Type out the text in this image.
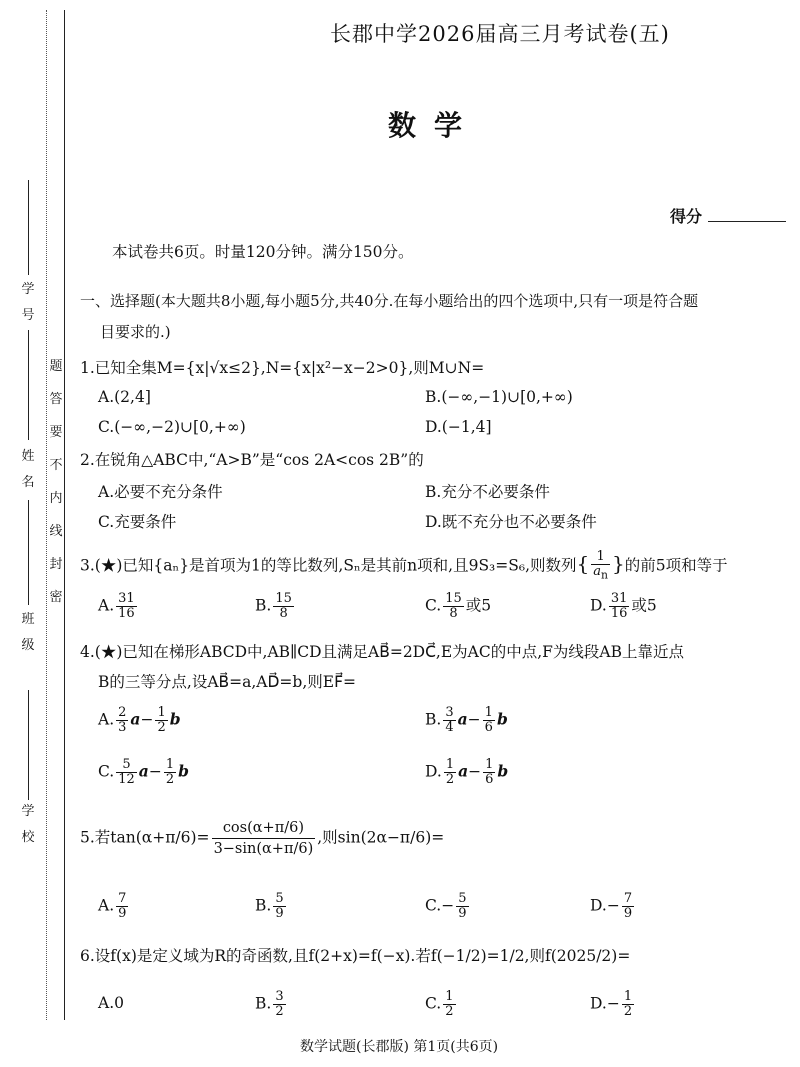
学

号
姓

名
班

级
学

校
题
答
要
不
内
线
封
密
长郡中学2026届高三月考试卷(五)
数学
得分
本试卷共6页。时量120分钟。满分150分。
一、选择题(本大题共8小题,每小题5分,共40分.在每小题给出的四个选项中,只有一项是符合题
目要求的.)
1.已知全集M={x|√x≤2},N={x|x²−x−2>0},则M∪N=
A.(2,4]	B.(−∞,−1)∪[0,+∞)
C.(−∞,−2)∪[0,+∞)	D.(−1,4]
2.在锐角△ABC中,“A>B”是“cos 2A<cos 2B”的
A.必要不充分条件	B.充分不必要条件
C.充要条件	D.既不充分也不必要条件
3.(★)已知{aₙ}是首项为1的等比数列,Sₙ是其前n项和,且9S₃=S₆,则数列{ $\frac{1}{a_n}$ }的前5项和等于
A. $\frac{31}{16}$	B. $\frac{15}{8}$	C. $\frac{15}{8}$ 或5	D. $\frac{31}{16}$ 或5
4.(★)已知在梯形ABCD中,AB∥CD且满足AB⃗=2DC⃗,E为AC的中点,F为线段AB上靠近点
B的三等分点,设AB⃗=a,AD⃗=b,则EF⃗=
A. $\frac{2}{3} a- \frac{1}{2}$ b	B. $\frac{3}{4} a- \frac{1}{6}$ b
C. $\frac{5}{12} a- \frac{1}{2}$ b	D. $\frac{1}{2} a- \frac{1}{6}$ b
5.若$\tan(\alpha+\pi/6)= \frac{\cos(\alpha+\pi/6)}{3-\sin(\alpha+\pi/6)}$ ,则sin(2α−π/6)=
A. $\frac{7}{9}$	B. $\frac{5}{9}$	$C.- \frac{5}{9}$	$D.- \frac{7}{9}$
6.设f(x)是定义域为R的奇函数,且f(2+x)=f(−x).若f(−1/2)=1/2,则f(2025/2)=
A.0	B. $\frac{3}{2}$	C. $\frac{1}{2}$	$D.- \frac{1}{2}$
数学试题(长郡版) 第1页(共6页)
